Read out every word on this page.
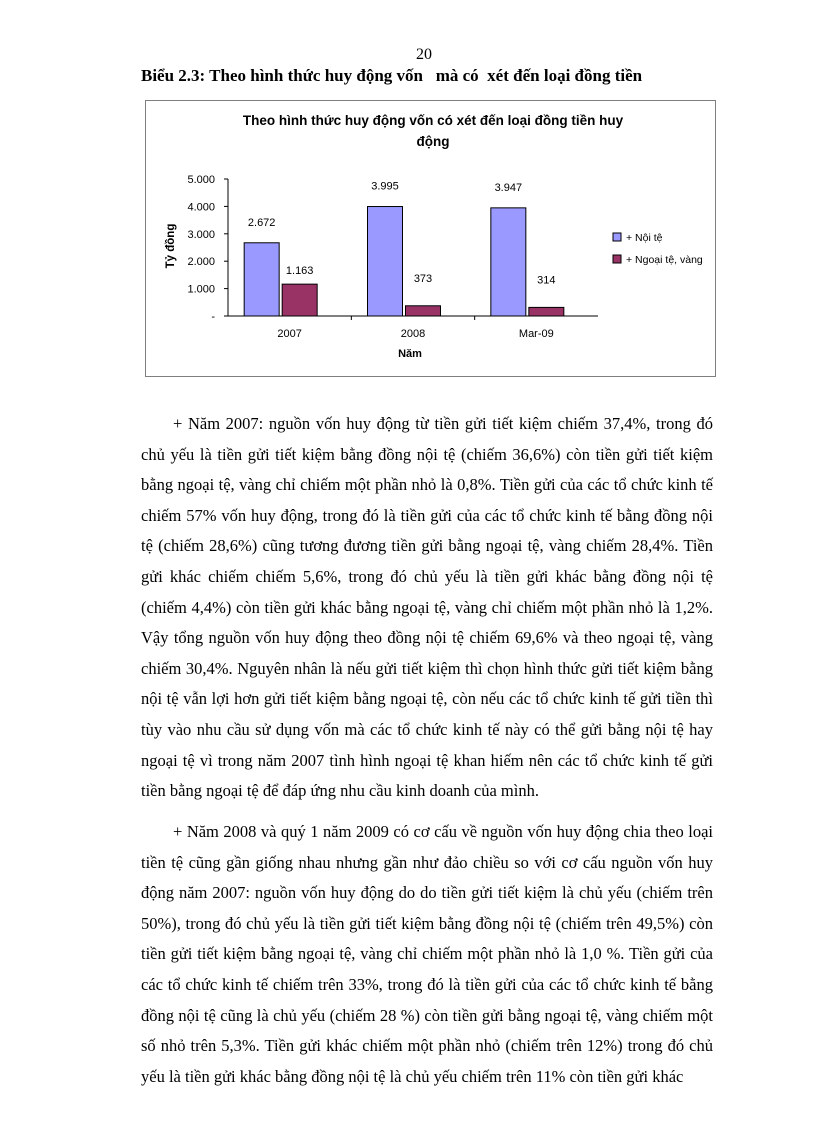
20
Biểu 2.3: Theo hình thức huy động vốn   mà có  xét đến loại đồng tiền
Theo hình thức huy động vốn có xét đến loại đồng tiền huy
động
Tỷ đồng
Năm
-
1.000
2.000
3.000
4.000
5.000
2007	2008	Mar-09
2.672
3.995	3.947
1.163
373	314
+ Nội tệ
+ Ngoại tệ, vàng

+ Năm 2007: nguồn vốn huy động từ tiền gửi tiết kiệm chiếm 37,4%, trong đó chủ yếu là tiền gửi tiết kiệm bằng đồng nội tệ (chiếm 36,6%) còn tiền gửi tiết kiệm bằng ngoại tệ, vàng chỉ chiếm một phần nhỏ là 0,8%. Tiền gửi của các tổ chức kinh tế chiếm 57% vốn huy động, trong đó là tiền gửi của các tổ chức kinh tế bằng đồng nội tệ (chiếm 28,6%) cũng tương đương tiền gửi bằng ngoại tệ, vàng chiếm 28,4%. Tiền gửi khác chiếm chiếm 5,6%, trong đó chủ yếu là tiền gửi khác bằng đồng nội tệ (chiếm 4,4%) còn tiền gửi khác bằng ngoại tệ, vàng chỉ chiếm một phần nhỏ là 1,2%. Vậy tổng nguồn vốn huy động theo đồng nội tệ chiếm 69,6% và theo ngoại tệ, vàng chiếm 30,4%. Nguyên nhân là nếu gửi tiết kiệm thì chọn hình thức gửi tiết kiệm bằng nội tệ vẫn lợi hơn gửi tiết kiệm bằng ngoại tệ, còn nếu các tổ chức kinh tế gửi tiền thì tùy vào nhu cầu sử dụng vốn mà các tổ chức kinh tế này có thể gửi bằng nội tệ hay ngoại tệ vì trong năm 2007 tình hình ngoại tệ khan hiếm nên các tổ chức kinh tế gửi tiền bằng ngoại tệ để đáp ứng nhu cầu kinh doanh của mình.

+ Năm 2008 và quý 1 năm 2009 có cơ cấu về nguồn vốn huy động chia theo loại tiền tệ cũng gần giống nhau nhưng gần như đảo chiều so với cơ cấu nguồn vốn huy động năm 2007: nguồn vốn huy động do do tiền gửi tiết kiệm là chủ yếu (chiếm trên 50%), trong đó chủ yếu là tiền gửi tiết kiệm bằng đồng nội tệ (chiếm trên 49,5%) còn tiền gửi tiết kiệm bằng ngoại tệ, vàng chỉ chiếm một phần nhỏ là 1,0 %. Tiền gửi của các tổ chức kinh tế chiếm trên 33%, trong đó là tiền gửi của các tổ chức kinh tế bằng đồng nội tệ cũng là chủ yếu (chiếm 28 %) còn tiền gửi bằng ngoại tệ, vàng chiếm một số nhỏ trên 5,3%. Tiền gửi khác chiếm một phần nhỏ (chiếm trên 12%) trong đó chủ yếu là tiền gửi khác bằng đồng nội tệ là chủ yếu chiếm trên 11% còn tiền gửi khác
